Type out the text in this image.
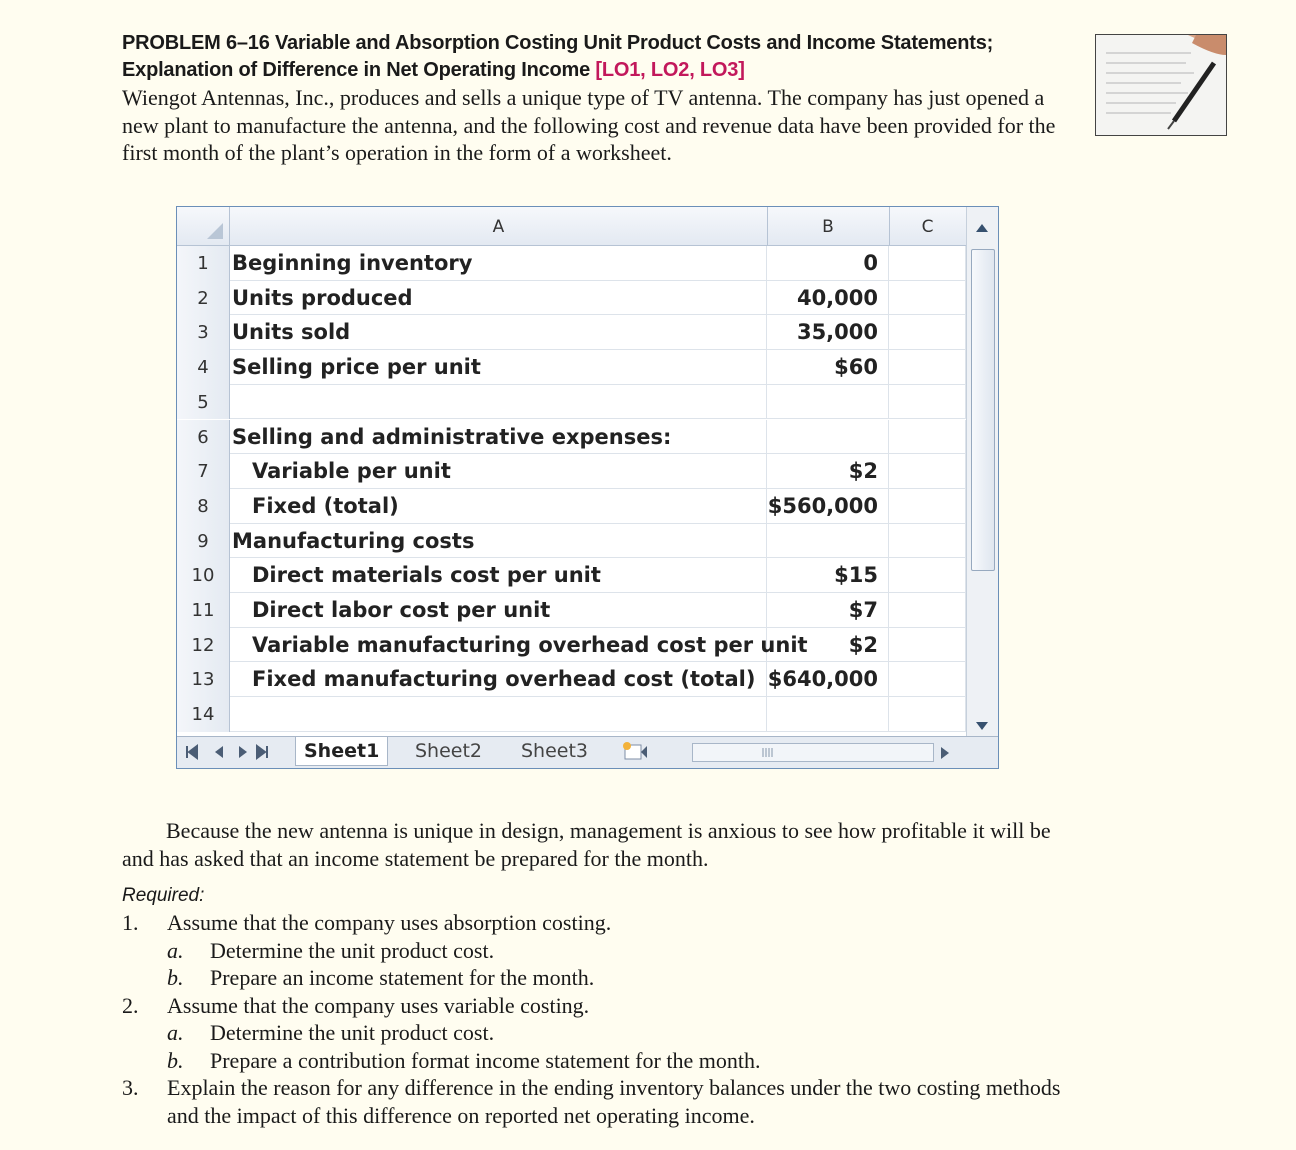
PROBLEM 6–16 Variable and Absorption Costing Unit Product Costs and Income Statements;
Explanation of Difference in Net Operating Income [LO1, LO2, LO3]
Wiengot Antennas, Inc., produces and sells a unique type of TV antenna. The company has just opened a new plant to manufacture the antenna, and the following cost and revenue data have been provided for the first month of the plant’s operation in the form of a worksheet.
A	B	C
1	Beginning inventory	0
2	Units produced	40,000
3	Units sold	35,000
4	Selling price per unit	$60
5
6	Selling and administrative expenses:
7	Variable per unit	$2
8	Fixed (total)	$560,000
9	Manufacturing costs
10	Direct materials cost per unit	$15
11	Direct labor cost per unit	$7
12	Variable manufacturing overhead cost per unit	$2
13	Fixed manufacturing overhead cost (total) $640,000
14
Sheet1	Sheet2	Sheet3
Because the new antenna is unique in design, management is anxious to see how profitable it will be and has asked that an income statement be prepared for the month.
Required:
1. Assume that the company uses absorption costing.
a. Determine the unit product cost.
b. Prepare an income statement for the month.
2. Assume that the company uses variable costing.
a. Determine the unit product cost.
b. Prepare a contribution format income statement for the month.
3. Explain the reason for any difference in the ending inventory balances under the two costing methods and the impact of this difference on reported net operating income.
